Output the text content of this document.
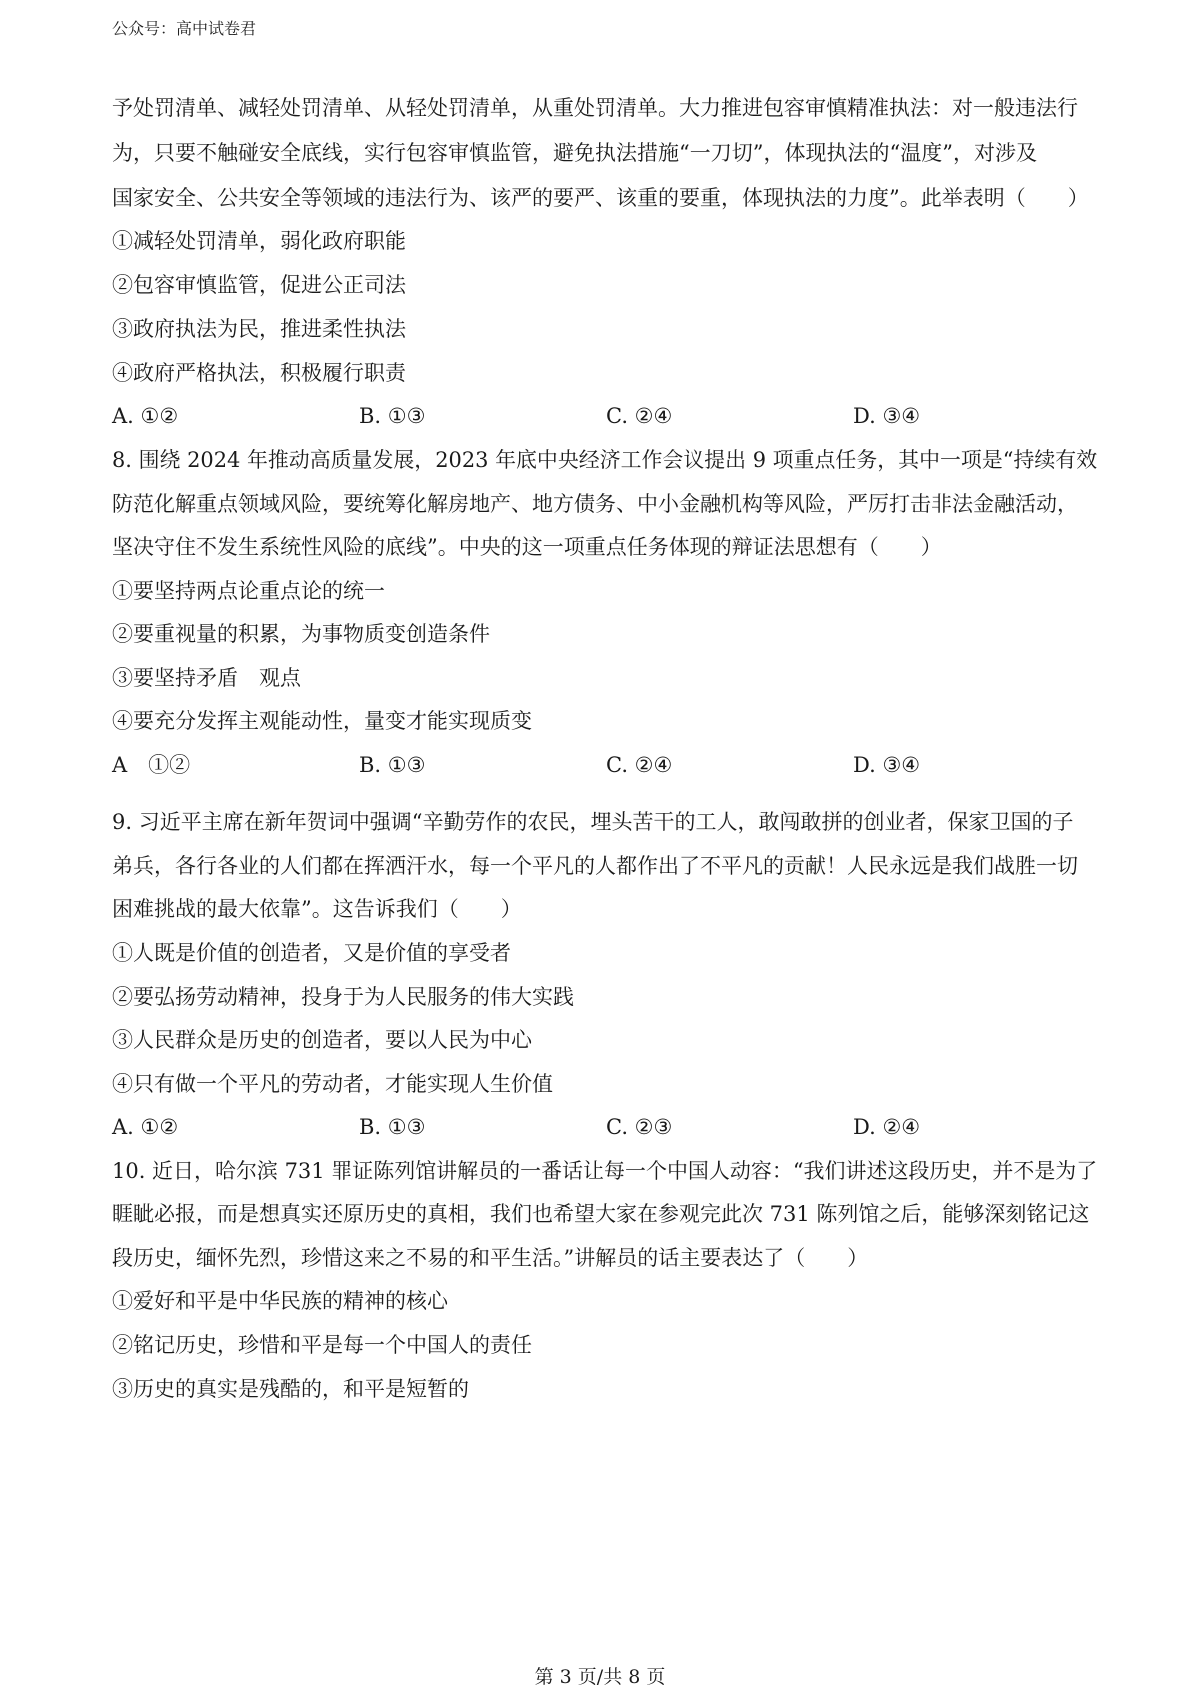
公众号：高中试卷君
予处罚清单、减轻处罚清单、从轻处罚清单，从重处罚清单。大力推进包容审慎精准执法：对一般违法行
为，只要不触碰安全底线，实行包容审慎监管，避免执法措施“一刀切”，体现执法的“温度”，对涉及
国家安全、公共安全等领域的违法行为、该严的要严、该重的要重，体现执法的力度”。此举表明（　　）
①减轻处罚清单，弱化政府职能
②包容审慎监管，促进公正司法
③政府执法为民，推进柔性执法
④政府严格执法，积极履行职责
A. ①②	B. ①③	C. ②④	D. ③④
8. 围绕 2024 年推动高质量发展，2023 年底中央经济工作会议提出 9 项重点任务，其中一项是“持续有效
防范化解重点领域风险，要统筹化解房地产、地方债务、中小金融机构等风险，严厉打击非法金融活动，
坚决守住不发生系统性风险的底线”。中央的这一项重点任务体现的辩证法思想有（　　）
①要坚持两点论重点论的统一
②要重视量的积累，为事物质变创造条件
③要坚持矛盾　观点
④要充分发挥主观能动性，量变才能实现质变
A　①②	B. ①③	C. ②④	D. ③④
9. 习近平主席在新年贺词中强调“辛勤劳作的农民，埋头苦干的工人，敢闯敢拼的创业者，保家卫国的子
弟兵，各行各业的人们都在挥洒汗水，每一个平凡的人都作出了不平凡的贡献！人民永远是我们战胜一切
困难挑战的最大依靠”。这告诉我们（　　）
①人既是价值的创造者，又是价值的享受者
②要弘扬劳动精神，投身于为人民服务的伟大实践
③人民群众是历史的创造者，要以人民为中心
④只有做一个平凡的劳动者，才能实现人生价值
A. ①②	B. ①③	C. ②③	D. ②④
10. 近日，哈尔滨 731 罪证陈列馆讲解员的一番话让每一个中国人动容：“我们讲述这段历史，并不是为了
睚眦必报，而是想真实还原历史的真相，我们也希望大家在参观完此次 731 陈列馆之后，能够深刻铭记这
段历史，缅怀先烈，珍惜这来之不易的和平生活。”讲解员的话主要表达了（　　）
①爱好和平是中华民族的精神的核心
②铭记历史，珍惜和平是每一个中国人的责任
③历史的真实是残酷的，和平是短暂的
第 3 页/共 8 页
